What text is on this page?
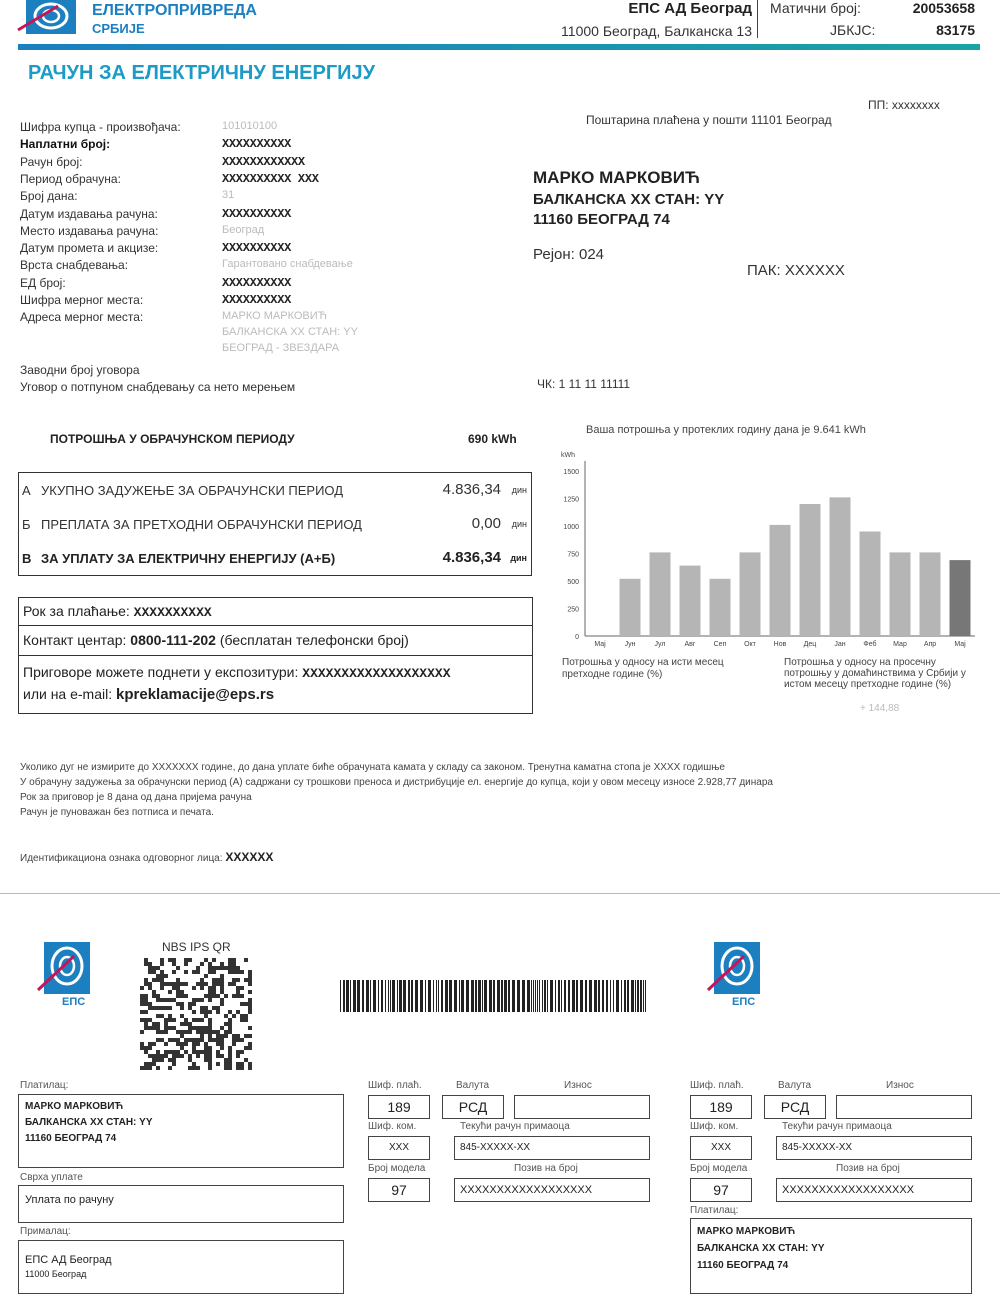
ЕЛЕКТРОПРИВРЕДА
СРБИЈЕ
ЕПС АД Београд
11000 Београд, Балканска 13
Матични број:	20053658
ЈБКЈС:	83175
РАЧУН ЗА ЕЛЕКТРИЧНУ ЕНЕРГИЈУ
ПП: xxxxxxxx
Поштарина плаћена у пошти 11101 Београд
Шифра купца - произвођача:	101010100
Наплатни број:	XXXXXXXXXX
Рачун број:	XXXXXXXXXXXX
Период обрачуна:	XXXXXXXXXX XXX
Број дана:	31
Датум издавања рачуна:	XXXXXXXXXX
Место издавања рачуна:	Београд
Датум промета и акцизе:	XXXXXXXXXX
Врста снабдевања:	Гарантовано снабдевање
ЕД број:	XXXXXXXXXX
Шифра мерног места:	XXXXXXXXXX
Адреса мерног места:	МАРКО МАРКОВИЋ
БАЛКАНСКА XX СТАН: YY
БЕОГРАД - ЗВЕЗДАРА
Заводни број уговора
Уговор о потпуном снабдевању са нето мерењем
МАРКО МАРКОВИЋ
БАЛКАНСКА XX СТАН: YY
11160 БЕОГРАД 74
Рејон: 024
ПАК: XXXXXX
ЧК: 1 11 11 11111
ПОТРОШЊА У ОБРАЧУНСКОМ ПЕРИОДУ	690 kWh
А УКУПНО ЗАДУЖЕЊЕ ЗА ОБРАЧУНСКИ ПЕРИОД	4.836,34 дин
Б ПРЕПЛАТА ЗА ПРЕТХОДНИ ОБРАЧУНСКИ ПЕРИОД	0,00 дин
В ЗА УПЛАТУ ЗА ЕЛЕКТРИЧНУ ЕНЕРГИЈУ (А+Б)	4.836,34 дин
Рок за плаћање: XXXXXXXXXX
Контакт центар: 0800-111-202 (бесплатан телефонски број)
Приговоре можете поднети у експозитури: XXXXXXXXXXXXXXXXXXX
или на e-mail: kpreklamacije@eps.rs
Ваша потрошња у протеклих годину дана је 9.641 kWh
kWh
0
250
500
750
1000
1250
1500
Мај	Јун	Јул	Авг	Сеп	Окт	Нов Дец	Јан	Феб Мар Апр	Мај
Потрошња у односу на исти месец претходне године (%)
Потрошња у односу на просечну потрошњу у домаћинствима у Србији у истом месецу претходне године (%)
+ 144,88
Уколико дуг не измирите до XXXXXXX године, до дана уплате биће обрачуната камата у складу са законом. Тренутна каматна стопа је XXXX годишње
У обрачуну задужења за обрачунски период (А) садржани су трошкови преноса и дистрибуције ел. енергије до купца, који у овом месецу износе 2.928,77 динара
Рок за приговор је 8 дана од дана пријема рачуна
Рачун је пуноважан без потписа и печата.
Идентификациона ознака одговорног лица: XXXXXX
ЕПС
NBS IPS QR
ЕПС
Платилац:
МАРКО МАРКОВИЋ
БАЛКАНСКА XX СТАН: YY
11160 БЕОГРАД 74
Сврха уплате
Уплата по рачуну
Прималац:
ЕПС АД Београд
11000 Београд
Шиф. плаћ.	Валута	Износ
189	РСД
Шиф. ком.	Текући рачун примаоца
XXX	845-XXXXX-XX
Број модела	Позив на број
97	XXXXXXXXXXXXXXXXXX
Шиф. плаћ.	Валута	Износ
189	РСД
Шиф. ком.	Текући рачун примаоца
XXX	845-XXXXX-XX
Број модела	Позив на број
97	XXXXXXXXXXXXXXXXXX
Платилац:
МАРКО МАРКОВИЋ
БАЛКАНСКА XX СТАН: YY
11160 БЕОГРАД 74
